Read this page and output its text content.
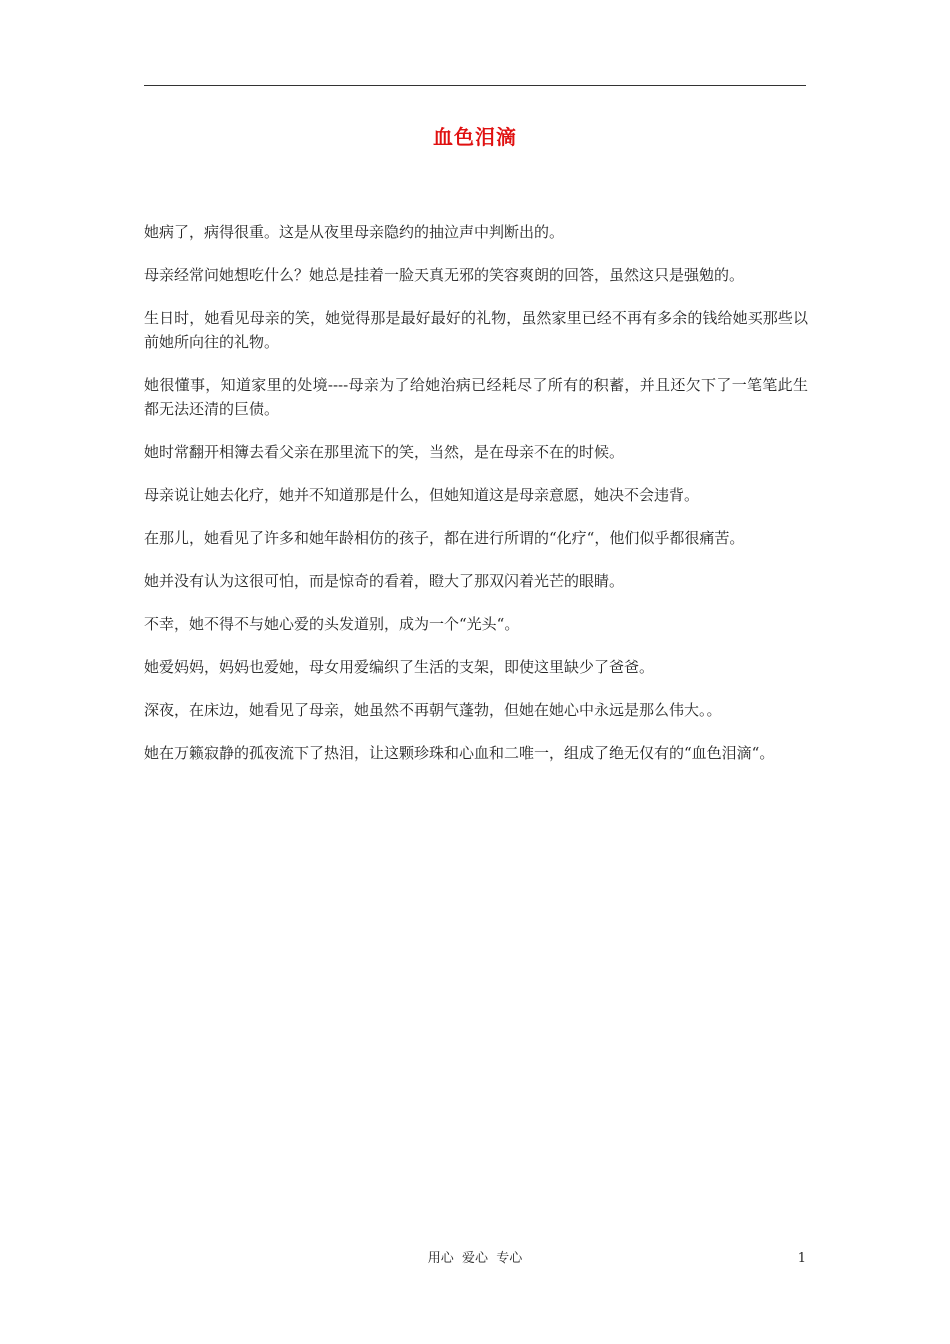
血色泪滴

她病了，病得很重。这是从夜里母亲隐约的抽泣声中判断出的。

母亲经常问她想吃什么？她总是挂着一脸天真无邪的笑容爽朗的回答，虽然这只是强勉的。

生日时，她看见母亲的笑，她觉得那是最好最好的礼物，虽然家里已经不再有多余的钱给她买那些以前她所向往的礼物。

她很懂事，知道家里的处境----母亲为了给她治病已经耗尽了所有的积蓄，并且还欠下了一笔笔此生都无法还清的巨债。

她时常翻开相簿去看父亲在那里流下的笑，当然，是在母亲不在的时候。

母亲说让她去化疗，她并不知道那是什么，但她知道这是母亲意愿，她决不会违背。

在那儿，她看见了许多和她年龄相仿的孩子，都在进行所谓的“化疗“，他们似乎都很痛苦。

她并没有认为这很可怕，而是惊奇的看着，瞪大了那双闪着光芒的眼睛。

不幸，她不得不与她心爱的头发道别，成为一个“光头“。

她爱妈妈，妈妈也爱她，母女用爱编织了生活的支架，即使这里缺少了爸爸。

深夜，在床边，她看见了母亲，她虽然不再朝气蓬勃，但她在她心中永远是那么伟大。。

她在万籁寂静的孤夜流下了热泪，让这颗珍珠和心血和二唯一，组成了绝无仅有的“血色泪滴“。

用心  爱心  专心	1
